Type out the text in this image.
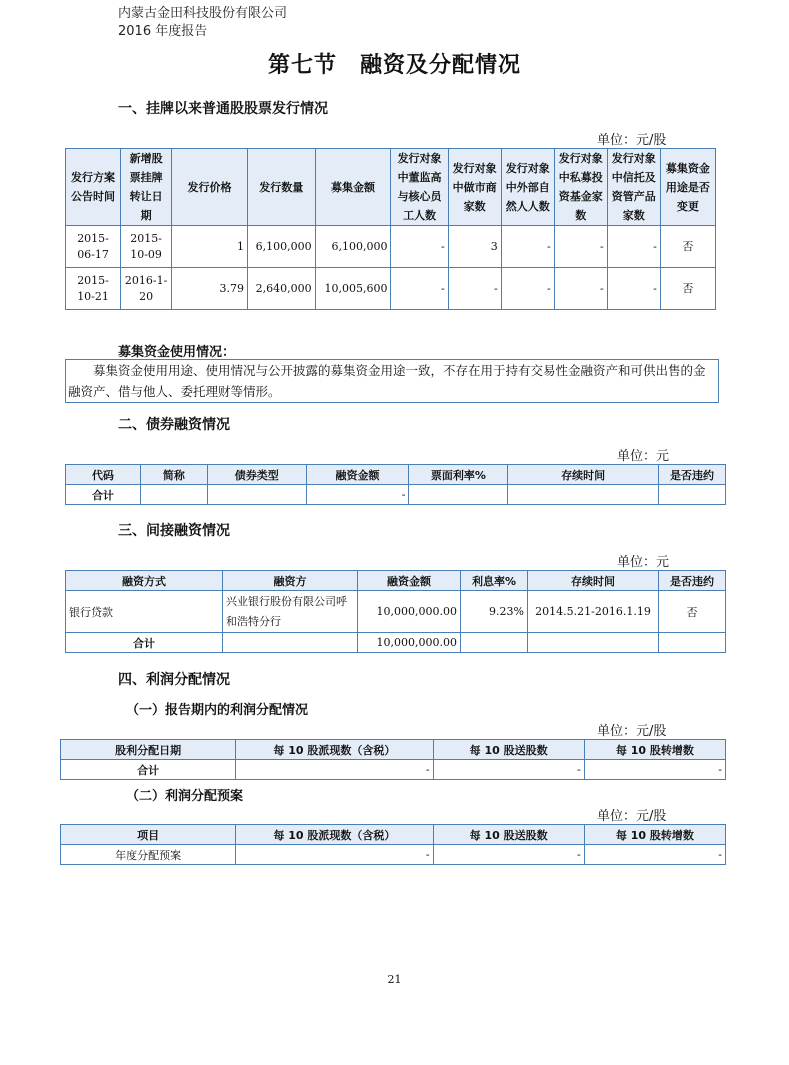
内蒙古金田科技股份有限公司
2016 年度报告
第七节　融资及分配情况
一、挂牌以来普通股股票发行情况
单位：元/股
发行方案公告时间	新增股票挂牌转让日期	发行价格	发行数量	募集金额	发行对象中董监高与核心员工人数	发行对象中做市商家数	发行对象中外部自然人人数	发行对象中私募投资基金家数	发行对象中信托及资管产品家数	募集资金用途是否变更
2015-06-17	2015-10-09	1	6,100,000	6,100,000	-	3	-	-	-	否
2015-10-21	2016-1-20	3.79	2,640,000	10,005,600	-	-	-	-	-	否
募集资金使用情况：
募集资金使用用途、使用情况与公开披露的募集资金用途一致，不存在用于持有交易性金融资产和可供出售的金融资产、借与他人、委托理财等情形。
二、债券融资情况
单位：元
代码	简称	债券类型	融资金额	票面利率%	存续时间	是否违约
合计			-			
三、间接融资情况
单位：元
融资方式	融资方	融资金额	利息率%	存续时间	是否违约
银行贷款	兴业银行股份有限公司呼和浩特分行	10,000,000.00	9.23%	2014.5.21-2016.1.19	否
合计		10,000,000.00			
四、利润分配情况
（一）报告期内的利润分配情况
单位：元/股
股利分配日期	每 10 股派现数（含税）	每 10 股送股数	每 10 股转增数
合计	-	-	-
（二）利润分配预案
单位：元/股
项目	每 10 股派现数（含税）	每 10 股送股数	每 10 股转增数
年度分配预案	-	-	-
21
